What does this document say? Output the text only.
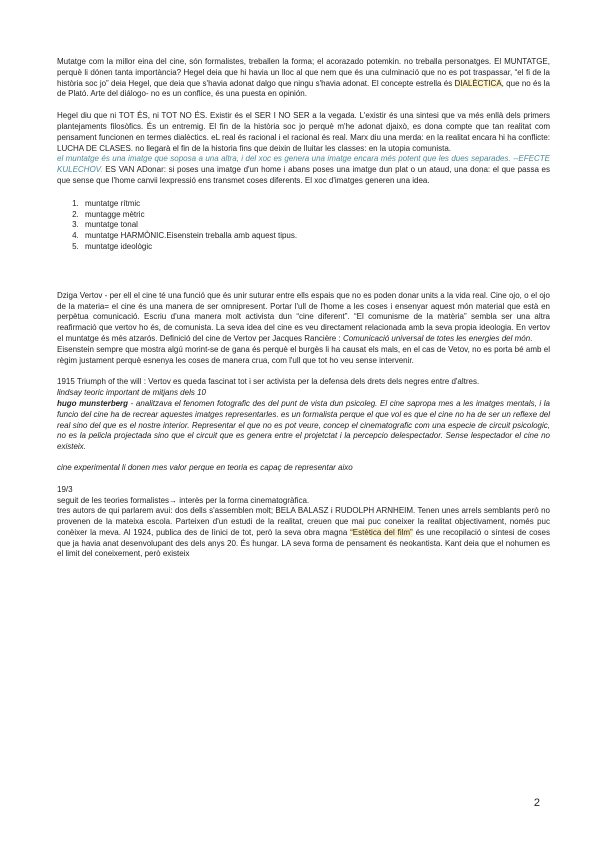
Mutatge com la millor eina del cine, són formalistes, treballen la forma; el acorazado potemkin. no treballa personatges. El MUNTATGE, perquè li dónen tanta importància? Hegel deia que hi havia un lloc al que nem que és una culminació que no es pot traspassar, “el fi de la història soc jo” deia Hegel, que deia que s'havia adonat dalgo que ningu s'havia adonat. El concepte estrella és DIALÈCTICA, que no és la de Plató. Arte del diálogo- no es un conflice, és una puesta en opinión.

Hegel diu que ni TOT ÉS, ni TOT NO ÉS. Existir és el SER I NO SER a la vegada. L'existir és una sintesi que va més enllà dels primers plantejaments filosòfics. És un entremig. El fin de la història soc jo perquè m'he adonat djaixò, es dona compte que tan realitat com pensament funcionen en termes dialèctics. eL real és racional i el racional és real. Marx diu una merda: en la realitat encara hi ha conflicte: LUCHA DE CLASES. no llegarà el fin de la historia fins que deixin de lluitar les classes: en la utopia comunista.

el muntatge és una imatge que soposa a una altra, i del xoc es genera una imatge encara més potent que les dues separades. --EFECTE KULECHOV. ES VAN ADonar: si poses una imatge d'un home i abans poses una imatge dun plat o un ataud, una dona: el que passa es que sense que l'home canvii lexpressió ens transmet coses diferents. El xoc d'imatges generen una idea.

1. muntatge rítmic
2. muntagge mètric
3. muntatge tonal
4. muntatge HARMÒNIC.Eisenstein treballa amb aquest tipus.
5. muntatge ideològic

Dziga Vertov - per ell el cine té una funció que és unir suturar entre ells espais que no es poden donar units a la vida real. Cine ojo, o el ojo de la materia= el cine és una manera de ser omnipresent. Portar l'ull de l'home a les coses i ensenyar aquest món material que està en perpètua comunicació. Escriu d'una manera molt activista dun “cine diferent”. “El comunisme de la matèria” sembla ser una altra reafirmació que vertov ho és, de comunista. La seva idea del cine es veu directament relacionada amb la seva propia ideologia. En vertov el muntatge és més atzarós. Definició del cine de Vertov per Jacques Rancière : Comunicació universal de totes les energies del món.

Eisenstein sempre que mostra algú morint-se de gana és perquè el burgès li ha causat els mals, en el cas de Vetov, no es porta bé amb el règim justament perquè esnenya les coses de manera crua, com l'ull que tot ho veu sense intervenir.

1915 Triumph of the will : Vertov es queda fascinat tot i ser activista per la defensa dels drets dels negres entre d'altres.

lindsay teoric important de mitjans dels 10

hugo munsterberg - analitzava el fenomen fotografic des del punt de vista dun psicoleg. El cine sapropa mes a les imatges mentals, i la funcio del cine ha de recrear aquestes imatges representarles. es un formalista perque el que vol es que el cine no ha de ser un reflexe del real sino del que es el nostre interior. Representar el que no es pot veure, concep el cinematografic com una especie de circuit psicologic, no es la pelicla projectada sino que el circuit que es genera entre el projetctat i la percepcio delespectador. Sense lespectador el cine no existeix.

cine experimental li donen mes valor perque en teoria es capaç de representar aixo

19/3

seguit de les teories formalistes→ interès per la forma cinematogràfica.

tres autors de qui parlarem avui: dos dells s'assemblen molt; BELA BALASZ i RUDOLPH ARNHEIM. Tenen unes arrels semblants però no provenen de la mateixa escola. Parteixen d'un estudi de la realitat, creuen que mai puc coneixer la realitat objectivament, només puc conèixer la meva. Al 1924, publica des de lìnici de tot, però la seva obra magna “Estètica del film” és une recopilació o síntesi de coses que ja havia anat desenvolupant des dels anys 20. És hungar. LA seva forma de pensament és neokantista. Kant deia que el nohumen es el limit del coneixement, però existeix

2
